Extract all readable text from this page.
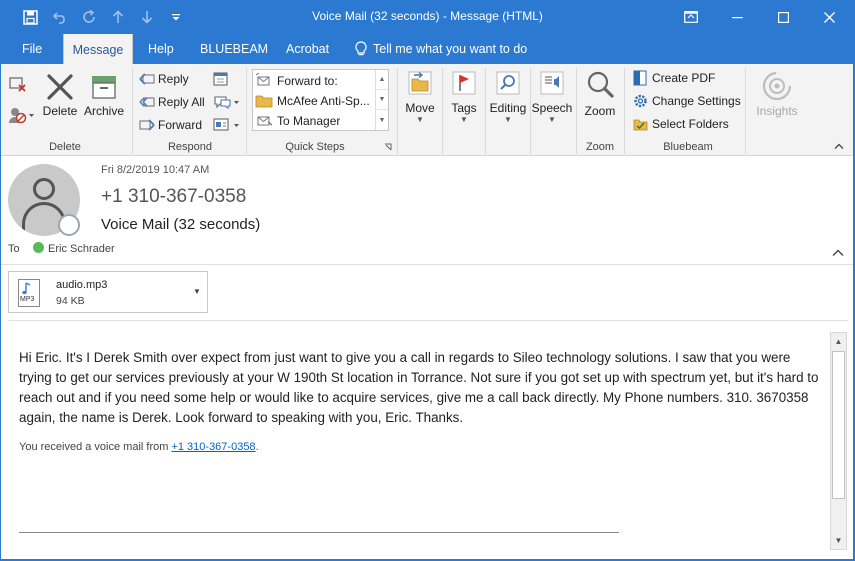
Voice Mail (32 seconds) - Message (HTML)
File	Message	Help BLUEBEAM Acrobat	Tell me what you want to do
Delete Archive
Delete
Reply
Reply All
Forward
Respond
Forward to:
McAfee Anti-Sp...
To Manager
▲
▼
▼
Quick Steps
Move
▼
Tags
▼
Editing
▼
Speech
▼
Zoom
Zoom
Create PDF
Change Settings
Select Folders
Bluebeam
Insights
Fri 8/2/2019 10:47 AM
+1 310-367-0358
Voice Mail (32 seconds)
To	Eric Schrader
MP3
audio.mp3
94 KB
▼
Hi Eric. It's I Derek Smith over expect from just want to give you a call in regards to Sileo technology solutions. I saw that you were trying to get our services previously at your W 190th St location in Torrance. Not sure if you got set up with spectrum yet, but it's hard to reach out and if you need some help or would like to acquire services, give me a call back directly. My Phone numbers. 310. 3670358 again, the name is Derek. Look forward to speaking with you, Eric. Thanks.
You received a voice mail from +1 310-367-0358.
▲
▼
